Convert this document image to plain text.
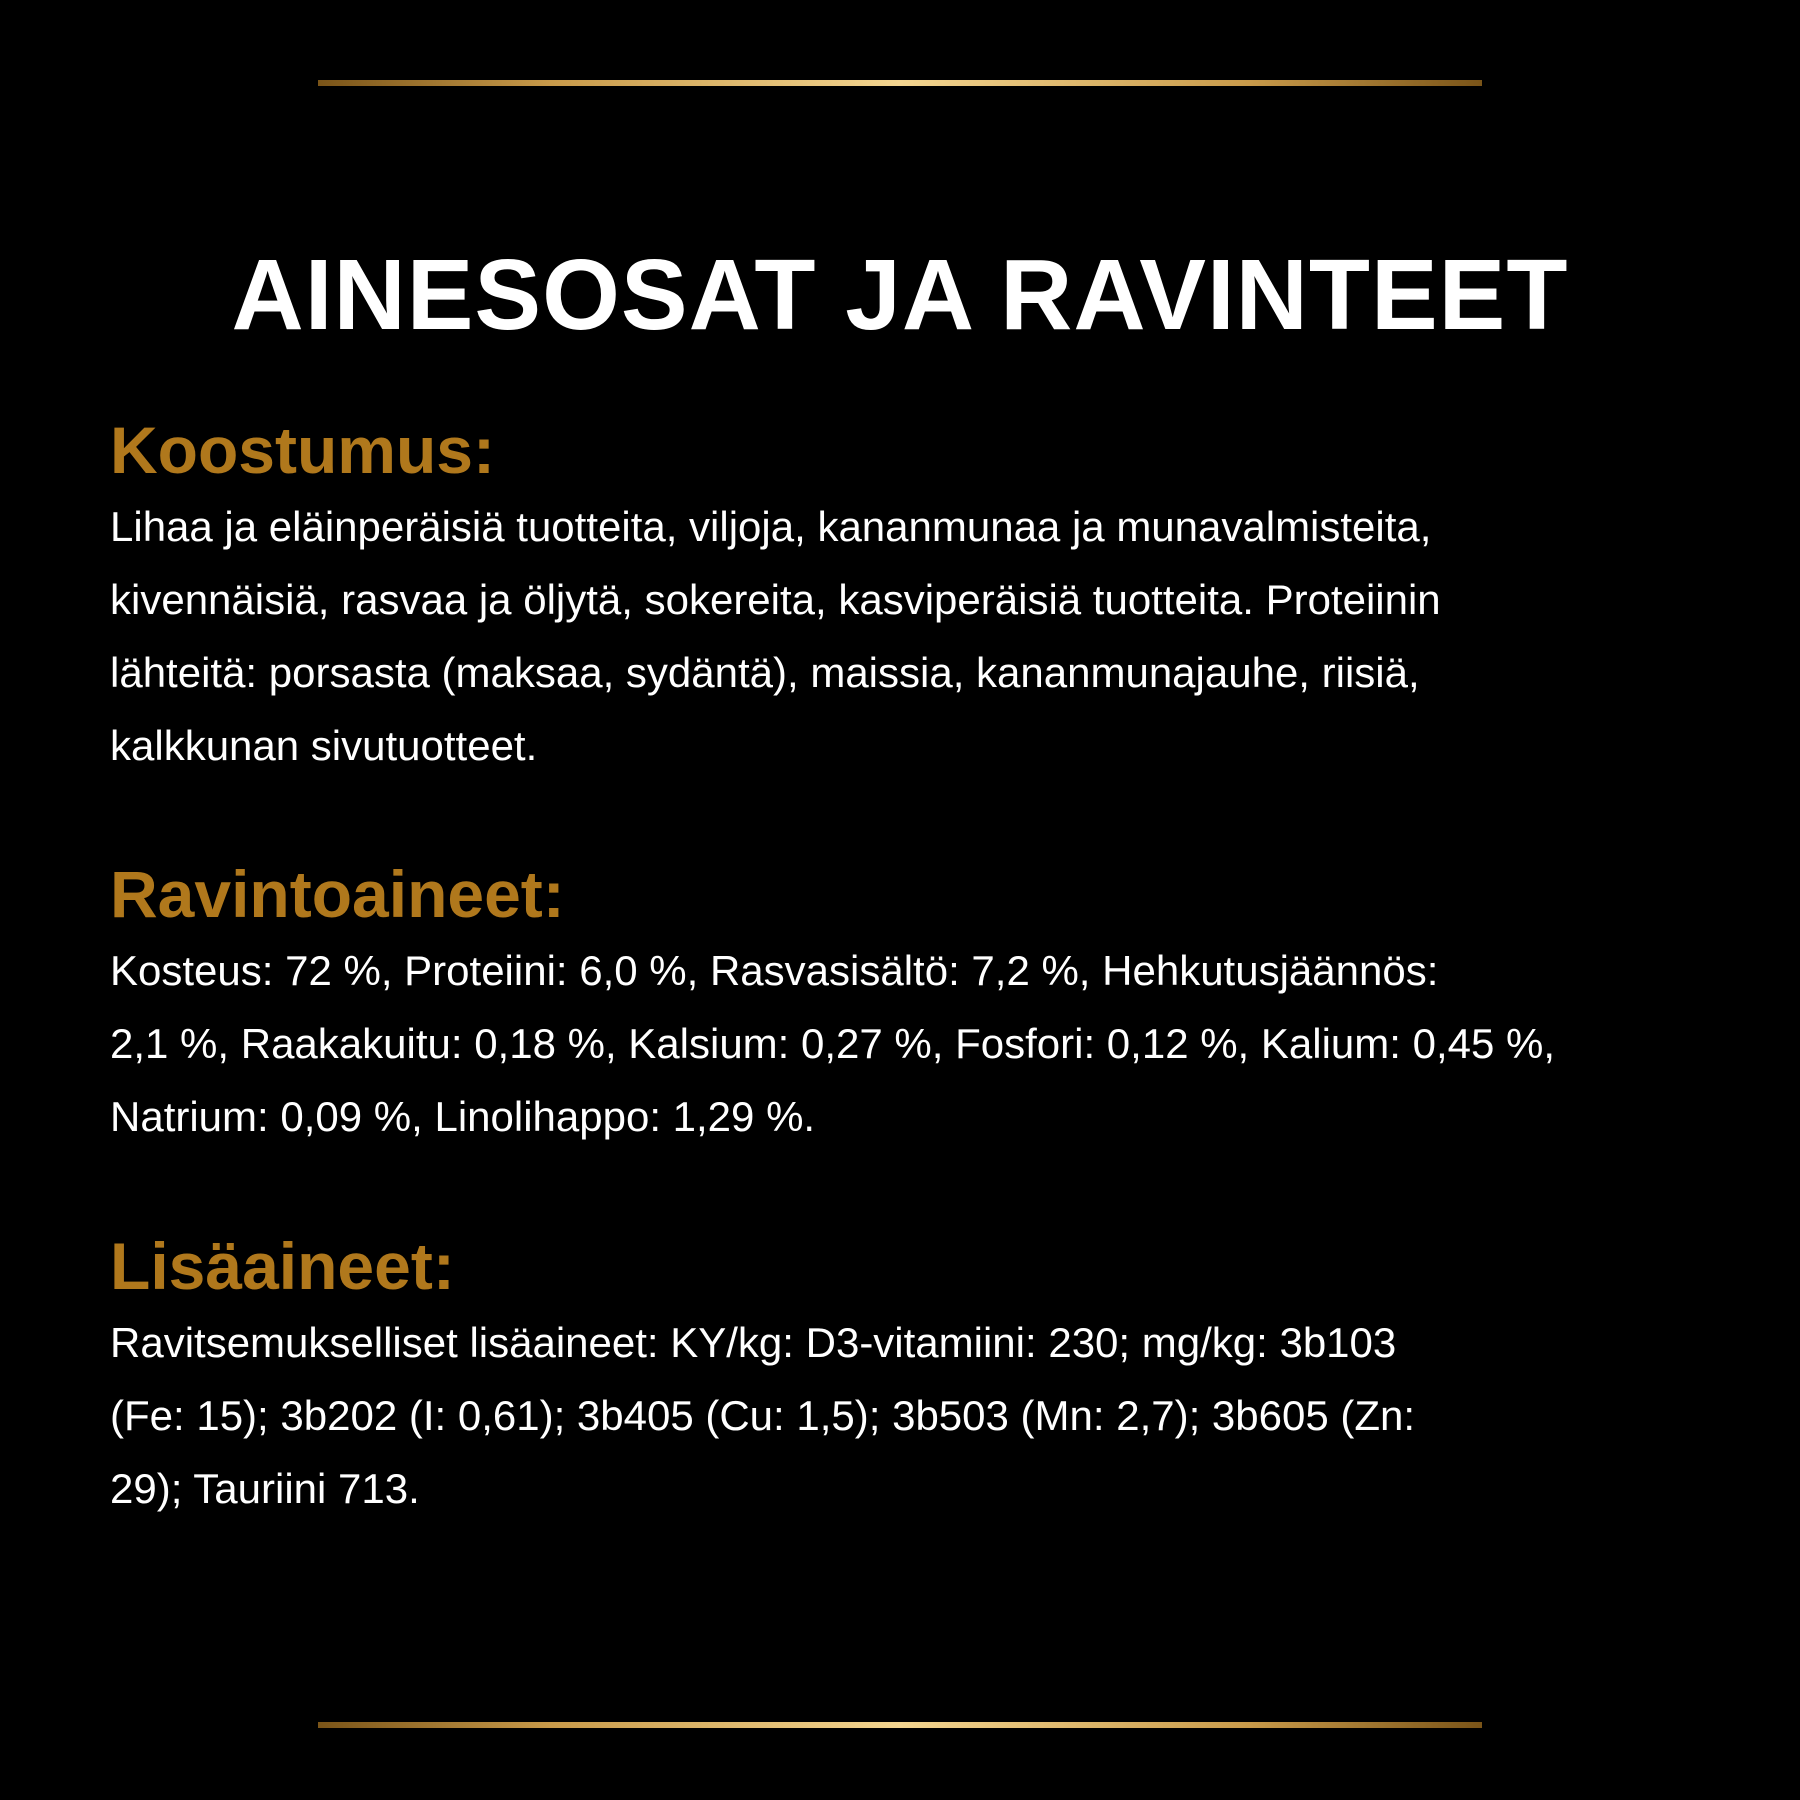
AINESOSAT JA RAVINTEET
Koostumus:

Lihaa ja eläinperäisiä tuotteita, viljoja, kananmunaa ja munavalmisteita,
kivennäisiä, rasvaa ja öljytä, sokereita, kasviperäisiä tuotteita. Proteiinin
lähteitä: porsasta (maksaa, sydäntä), maissia, kananmunajauhe, riisiä,
kalkkunan sivutuotteet.

Ravintoaineet:

Kosteus: 72 %, Proteiini: 6,0 %, Rasvasisältö: 7,2 %, Hehkutusjäännös:
2,1 %, Raakakuitu: 0,18 %, Kalsium: 0,27 %, Fosfori: 0,12 %, Kalium: 0,45 %,
Natrium: 0,09 %, Linolihappo: 1,29 %.

Lisäaineet:

Ravitsemukselliset lisäaineet: KY/kg: D3-vitamiini: 230; mg/kg: 3b103
(Fe: 15); 3b202 (I: 0,61); 3b405 (Cu: 1,5); 3b503 (Mn: 2,7); 3b605 (Zn:
29); Tauriini 713.
